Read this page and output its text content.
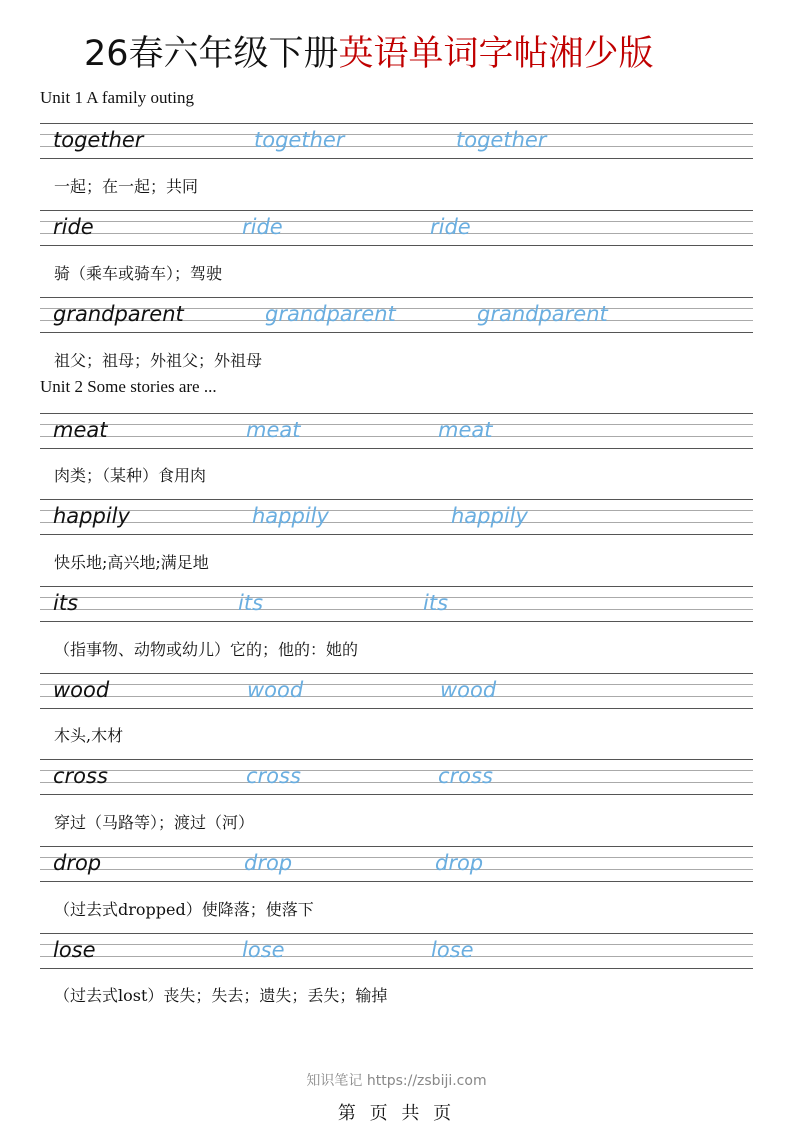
26春六年级下册英语单词字帖湘少版
Unit 1 A family outing
together	together	together
一起；在一起；共同
ride	ride	ride
骑（乘车或骑车）；驾驶
grandparent	grandparent	grandparent
祖父；祖母；外祖父；外祖母
Unit 2 Some stories are ...
meat	meat	meat
肉类；（某种）食用肉
happily	happily	happily
快乐地;高兴地;满足地
its	its	its
（指事物、动物或幼儿）它的；他的：她的
wood	wood	wood
木头,木材
cross	cross	cross
穿过（马路等）；渡过（河）
drop	drop	drop
（过去式dropped）使降落；使落下
lose	lose	lose
（过去式lost）丧失；失去；遗失；丢失；输掉
知识笔记 https://zsbiji.com
第 页 共 页
